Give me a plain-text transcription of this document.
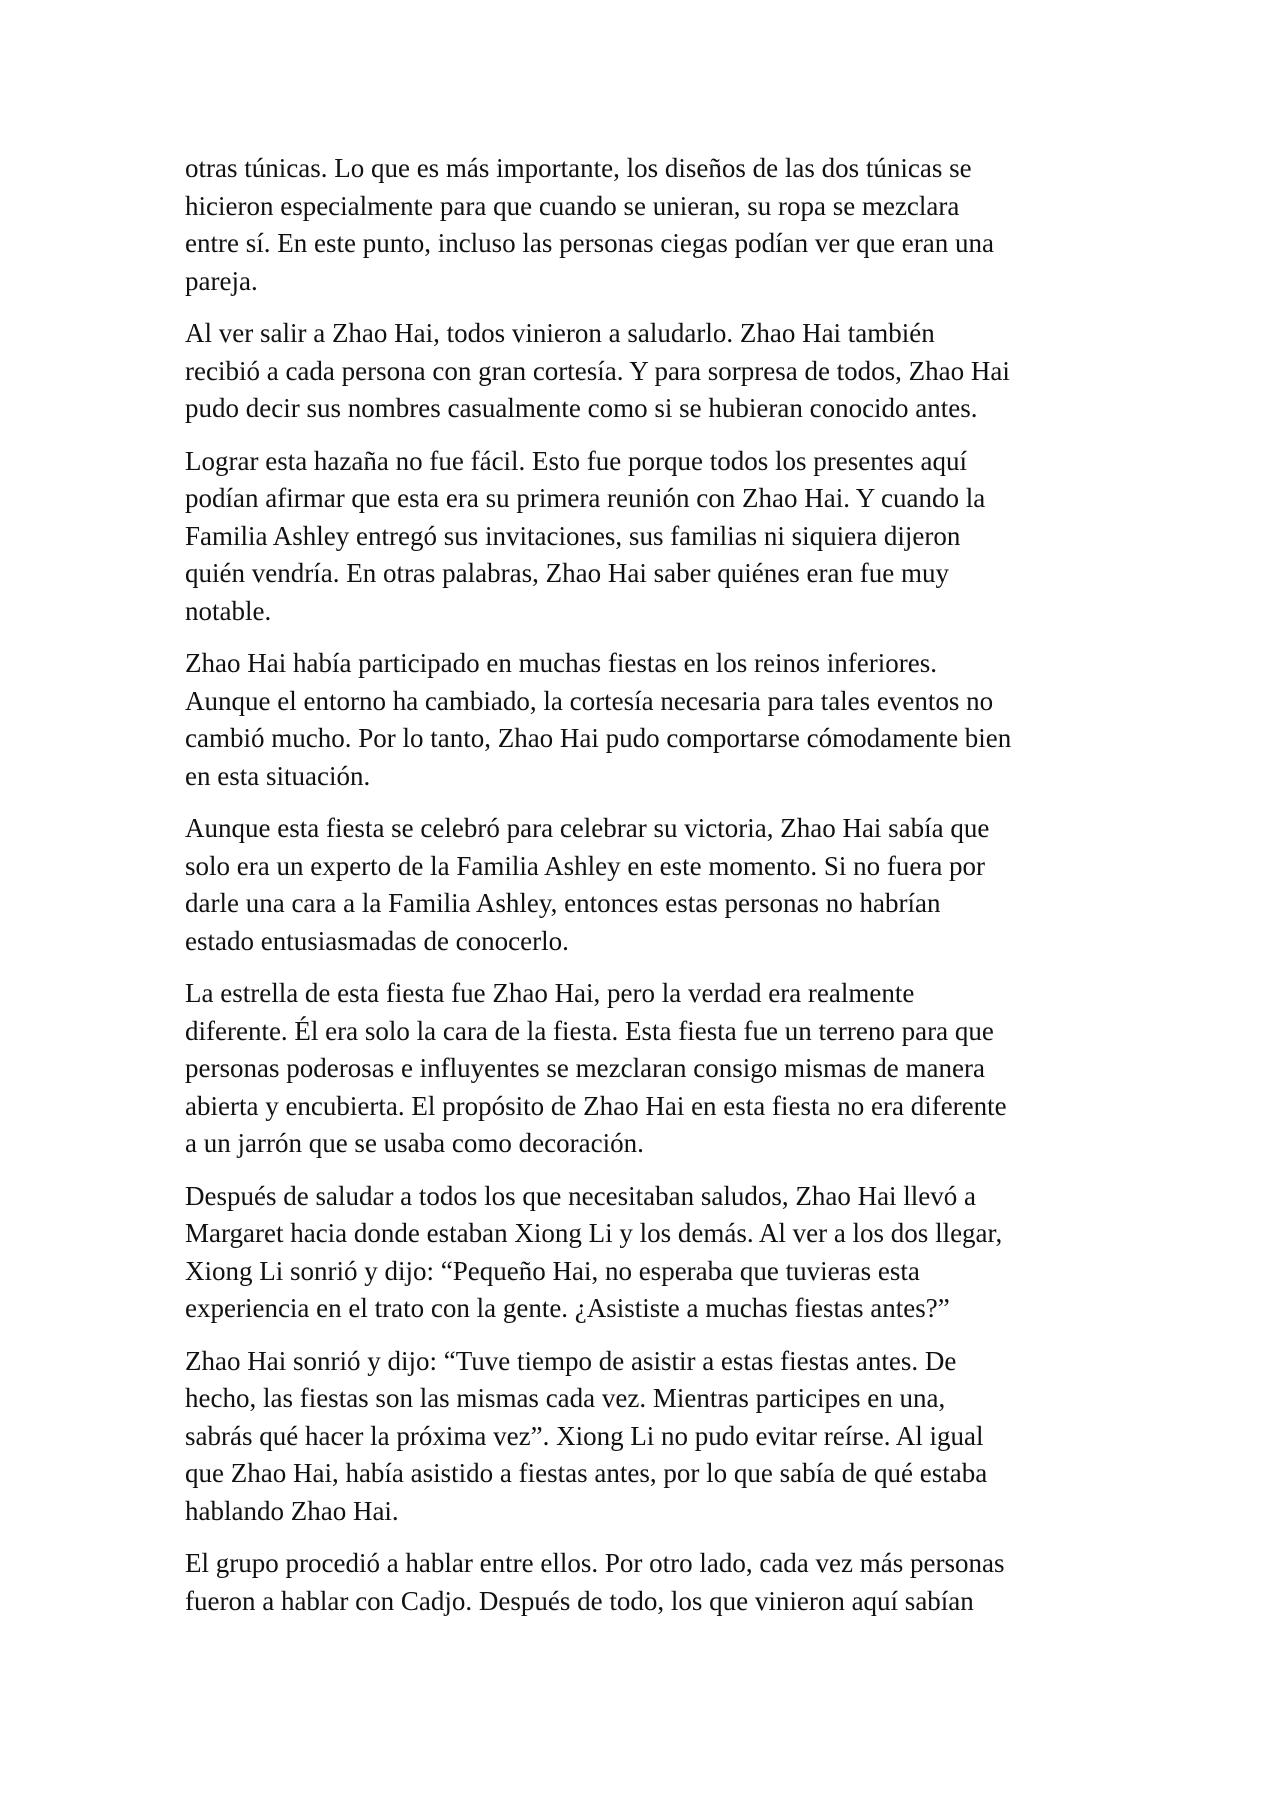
otras túnicas. Lo que es más importante, los diseños de las dos túnicas se
hicieron especialmente para que cuando se unieran, su ropa se mezclara
entre sí. En este punto, incluso las personas ciegas podían ver que eran una
pareja.

Al ver salir a Zhao Hai, todos vinieron a saludarlo. Zhao Hai también
recibió a cada persona con gran cortesía. Y para sorpresa de todos, Zhao Hai
pudo decir sus nombres casualmente como si se hubieran conocido antes.

Lograr esta hazaña no fue fácil. Esto fue porque todos los presentes aquí
podían afirmar que esta era su primera reunión con Zhao Hai. Y cuando la
Familia Ashley entregó sus invitaciones, sus familias ni siquiera dijeron
quién vendría. En otras palabras, Zhao Hai saber quiénes eran fue muy
notable.

Zhao Hai había participado en muchas fiestas en los reinos inferiores.
Aunque el entorno ha cambiado, la cortesía necesaria para tales eventos no
cambió mucho. Por lo tanto, Zhao Hai pudo comportarse cómodamente bien
en esta situación.

Aunque esta fiesta se celebró para celebrar su victoria, Zhao Hai sabía que
solo era un experto de la Familia Ashley en este momento. Si no fuera por
darle una cara a la Familia Ashley, entonces estas personas no habrían
estado entusiasmadas de conocerlo.

La estrella de esta fiesta fue Zhao Hai, pero la verdad era realmente
diferente. Él era solo la cara de la fiesta. Esta fiesta fue un terreno para que
personas poderosas e influyentes se mezclaran consigo mismas de manera
abierta y encubierta. El propósito de Zhao Hai en esta fiesta no era diferente
a un jarrón que se usaba como decoración.

Después de saludar a todos los que necesitaban saludos, Zhao Hai llevó a
Margaret hacia donde estaban Xiong Li y los demás. Al ver a los dos llegar,
Xiong Li sonrió y dijo: “Pequeño Hai, no esperaba que tuvieras esta
experiencia en el trato con la gente. ¿Asististe a muchas fiestas antes?”

Zhao Hai sonrió y dijo: “Tuve tiempo de asistir a estas fiestas antes. De
hecho, las fiestas son las mismas cada vez. Mientras participes en una,
sabrás qué hacer la próxima vez”. Xiong Li no pudo evitar reírse. Al igual
que Zhao Hai, había asistido a fiestas antes, por lo que sabía de qué estaba
hablando Zhao Hai.

El grupo procedió a hablar entre ellos. Por otro lado, cada vez más personas
fueron a hablar con Cadjo. Después de todo, los que vinieron aquí sabían
